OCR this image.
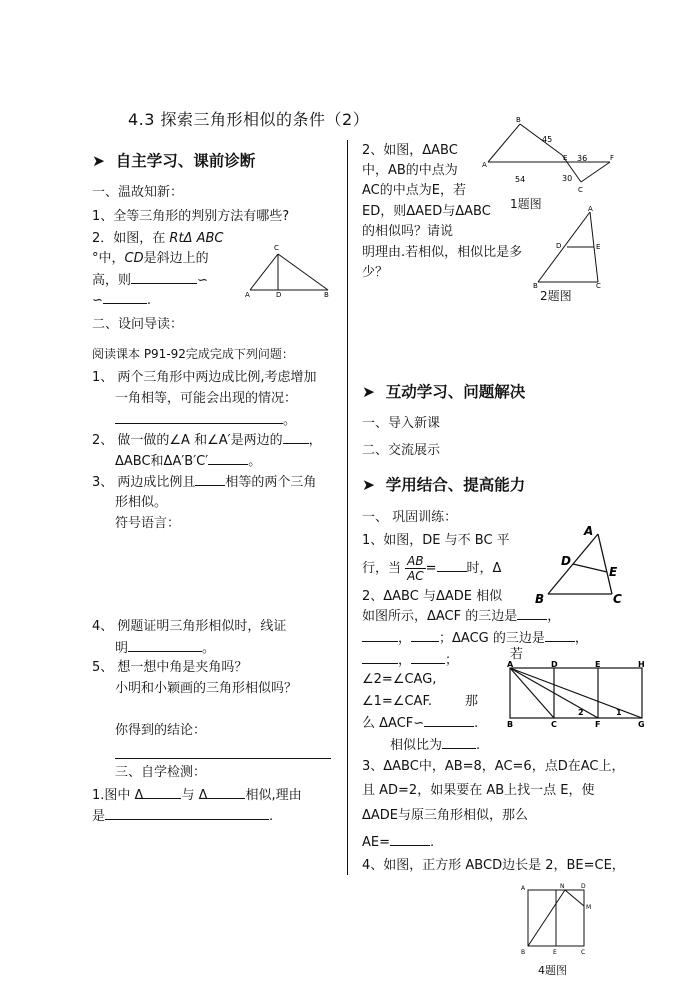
4.3 探索三角形相似的条件（2）
➤ 自主学习、课前诊断
一、温故知新：
1、全等三角形的判别方法有哪些?
2．如图，在 RtΔ ABC
°中，CD是斜边上的
高，则	∽
∽	.
C
A	D	B
二、设问导读：
阅读课本 P91-92完成完成下列问题：
1、 两个三角形中两边成比例,考虑增加
一角相等，可能会出现的情况：
。
2、 做一做的∠A 和∠A′是两边的 ，
ΔABC和ΔA′B′C′	。
3、 两边成比例且 相等的两个三角
形相似。
符号语言：
4、 例题证明三角形相似时，线证
明	。
5、 想一想中角是夹角吗？
小明和小颖画的三角形相似吗？
你得到的结论：
三、自学检测：
1.图中 Δ	与 Δ	相似,理由
是	.
2、如图，ΔABC
中，AB的中点为
AC的中点为E，若
ED，则ΔAED与ΔABC
的相似吗？请说
明理由.若相似，相似比是多
少？
B
A
E	F
C
45
36
54	30
1题图	A
D	E
B	C
2题图
➤ 互动学习、问题解决
一、导入新课
二、交流展示
➤ 学用结合、提高能力
一、 巩固训练：
1、如图，DE 与不 BC 平
行，当 $\frac{AB}{AC}=$ 时，Δ
A
D
E
B	C
2、ΔABC 与ΔADE 相似
如图所示，ΔACF 的三边是 ，
， ；ΔACG 的三边是 ，
，	；	若
∠2=∠CAG,
∠1=∠CAF.	那
么 ΔACF∽	.
相似比为	.
A	D	E	H
B	C	F	G
2	1
3、ΔABC中，AB=8，AC=6，点D在AC上，
且 AD=2，如果要在 AB上找一点 E，使
ΔADE与原三角形相似，那么
AE=	.
4、如图，正方形 ABCD边长是 2，BE=CE，
N	D
M
A
B	E	C
4题图
